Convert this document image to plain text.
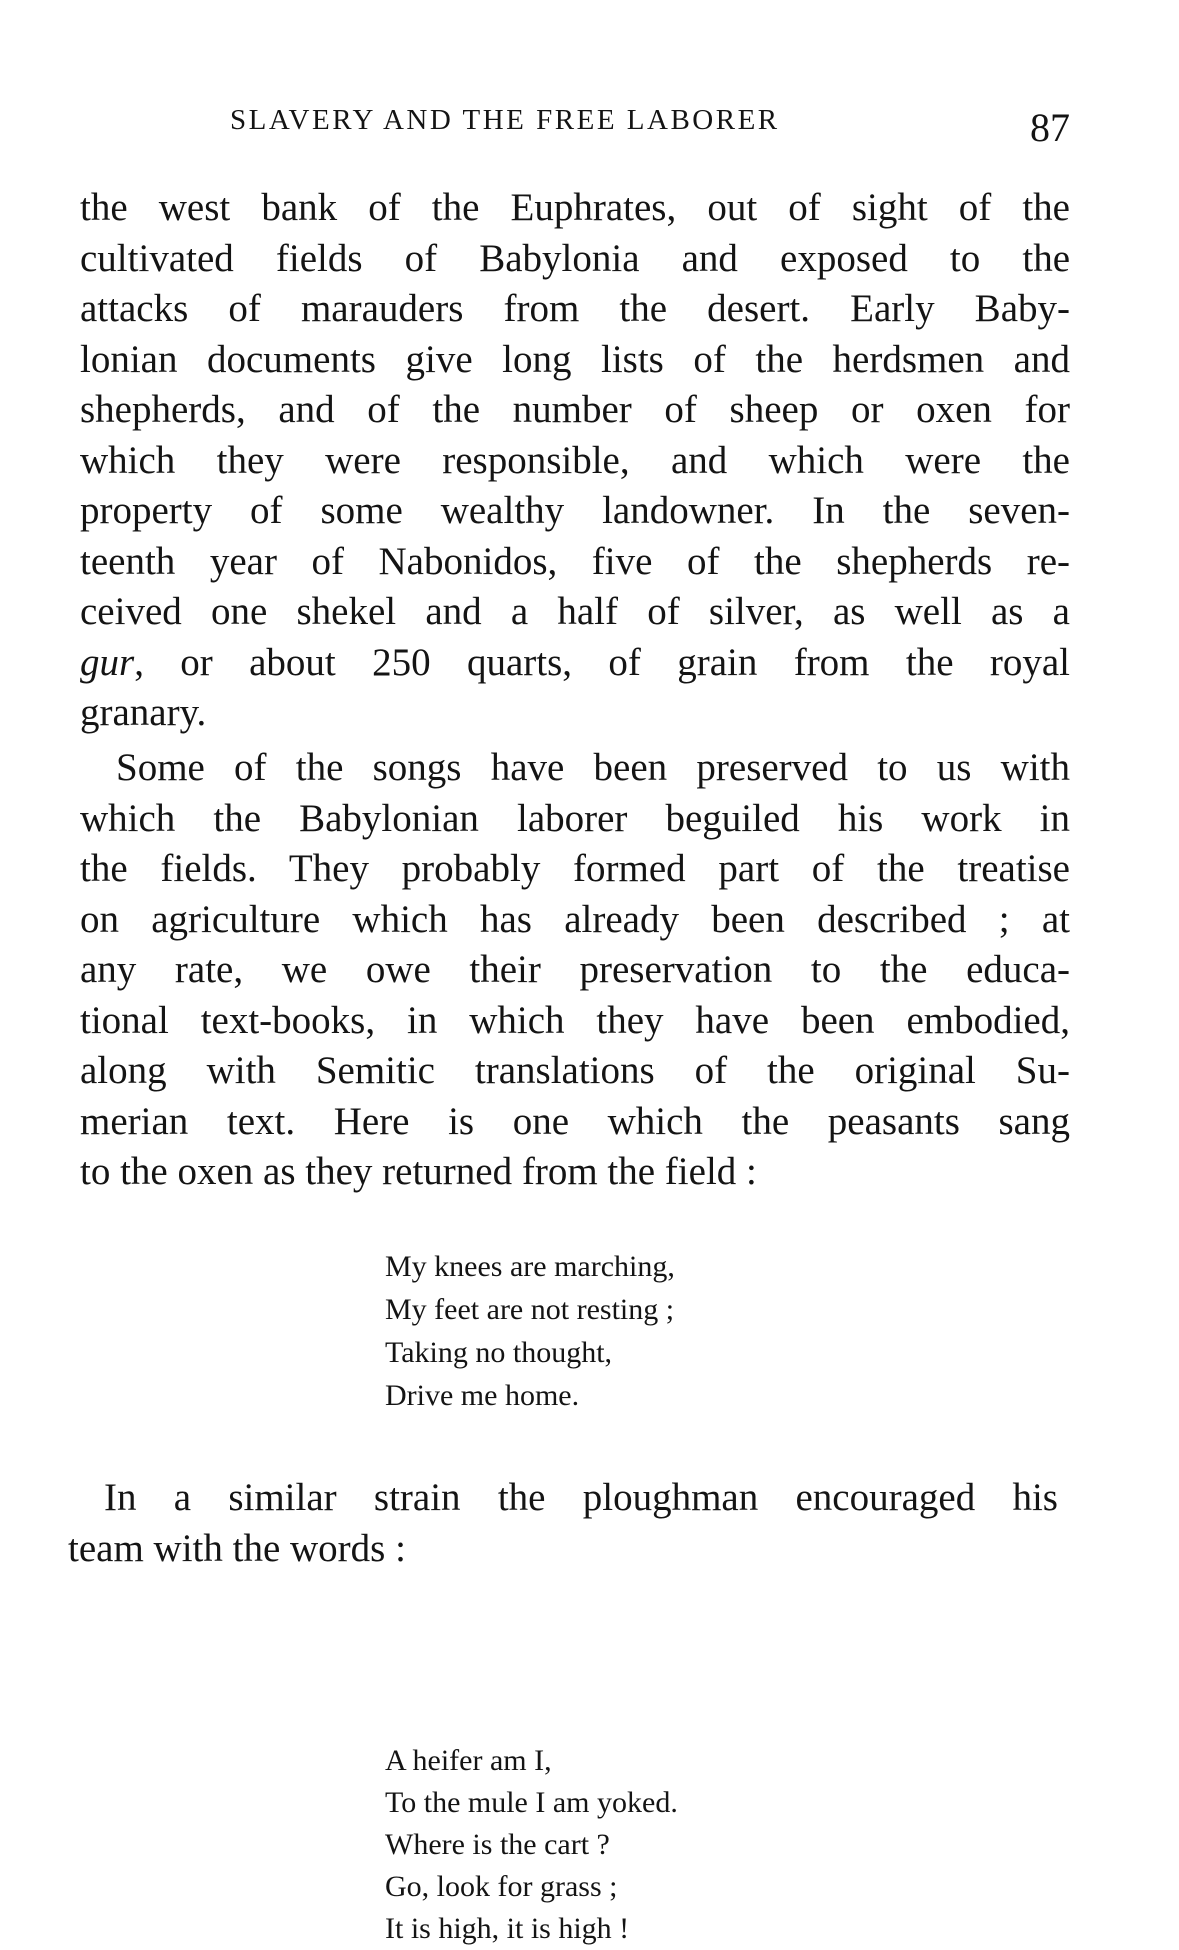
SLAVERY AND THE FREE LABORER	87
the west bank of the Euphrates, out of sight of the
cultivated fields of Babylonia and exposed to the
attacks of marauders from the desert. Early Baby-
lonian documents give long lists of the herdsmen and
shepherds, and of the number of sheep or oxen for
which they were responsible, and which were the
property of some wealthy landowner. In the seven-
teenth year of Nabonidos, five of the shepherds re-
ceived one shekel and a half of silver, as well as a
gur, or about 250 quarts, of grain from the royal
granary.
Some of the songs have been preserved to us with
which the Babylonian laborer beguiled his work in
the fields. They probably formed part of the treatise
on agriculture which has already been described ; at
any rate, we owe their preservation to the educa-
tional text-books, in which they have been embodied,
along with Semitic translations of the original Su-
merian text. Here is one which the peasants sang
to the oxen as they returned from the field :
My knees are marching,
My feet are not resting ;
Taking no thought,
Drive me home.
In a similar strain the ploughman encouraged his
team with the words :
A heifer am I,
To the mule I am yoked.
Where is the cart ?
Go, look for grass ;
It is high, it is high !
